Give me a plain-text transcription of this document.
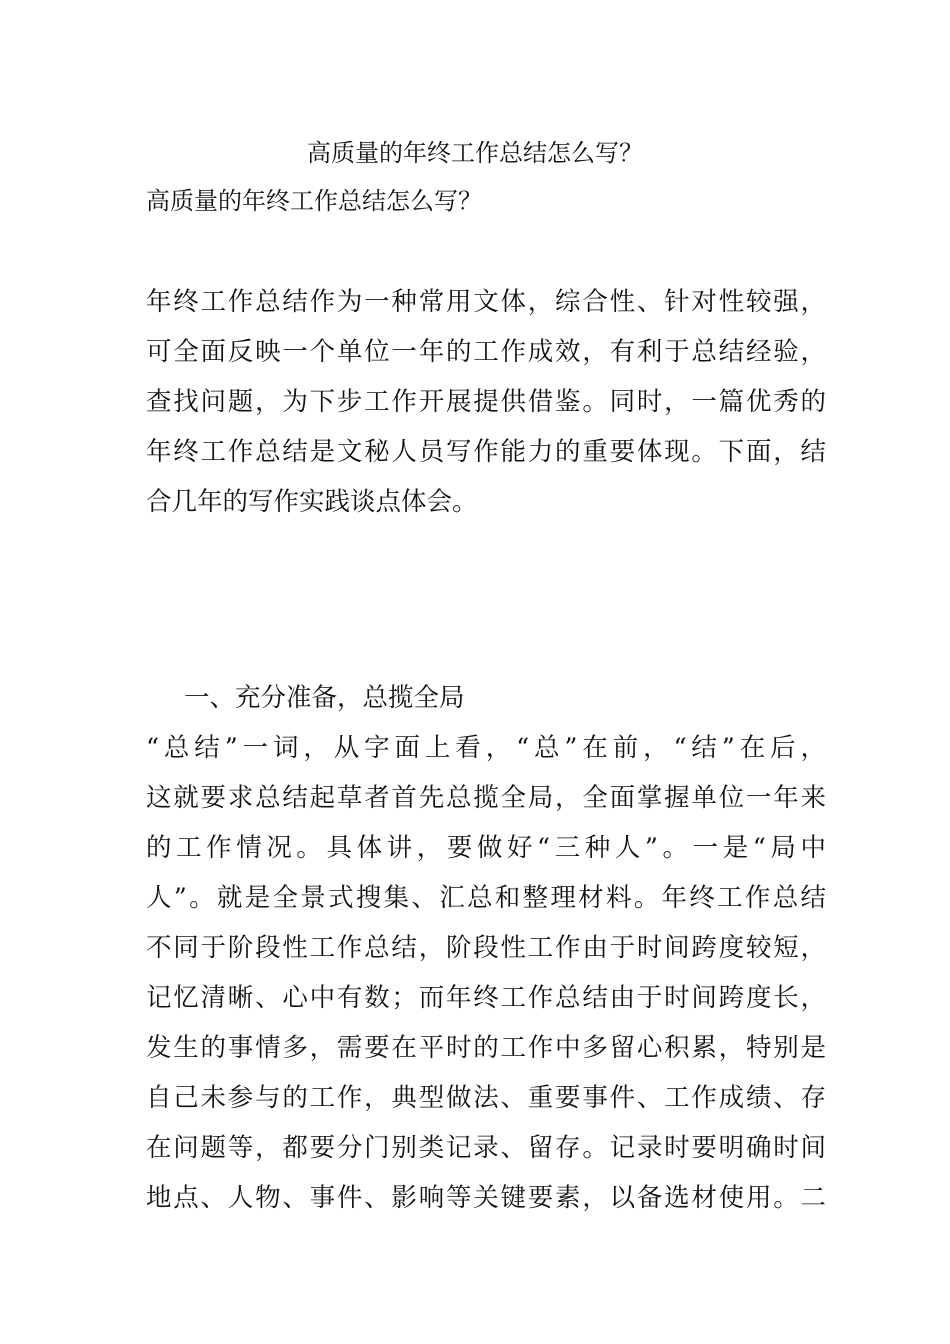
高质量的年终工作总结怎么写？
高质量的年终工作总结怎么写？
年终工作总结作为一种常用文体，综合性、针对性较强，
可全面反映一个单位一年的工作成效，有利于总结经验，
查找问题，为下步工作开展提供借鉴。同时，一篇优秀的
年终工作总结是文秘人员写作能力的重要体现。下面，结
合几年的写作实践谈点体会。
一、充分准备，总揽全局
“总结”一词，从字面上看，“总”在前，“结”在后，
这就要求总结起草者首先总揽全局，全面掌握单位一年来
的工作情况。具体讲，要做好“三种人”。一是“局中
人”。就是全景式搜集、汇总和整理材料。年终工作总结
不同于阶段性工作总结，阶段性工作由于时间跨度较短，
记忆清晰、心中有数；而年终工作总结由于时间跨度长，
发生的事情多，需要在平时的工作中多留心积累，特别是
自己未参与的工作，典型做法、重要事件、工作成绩、存
在问题等，都要分门别类记录、留存。记录时要明确时间
地点、人物、事件、影响等关键要素，以备选材使用。二
